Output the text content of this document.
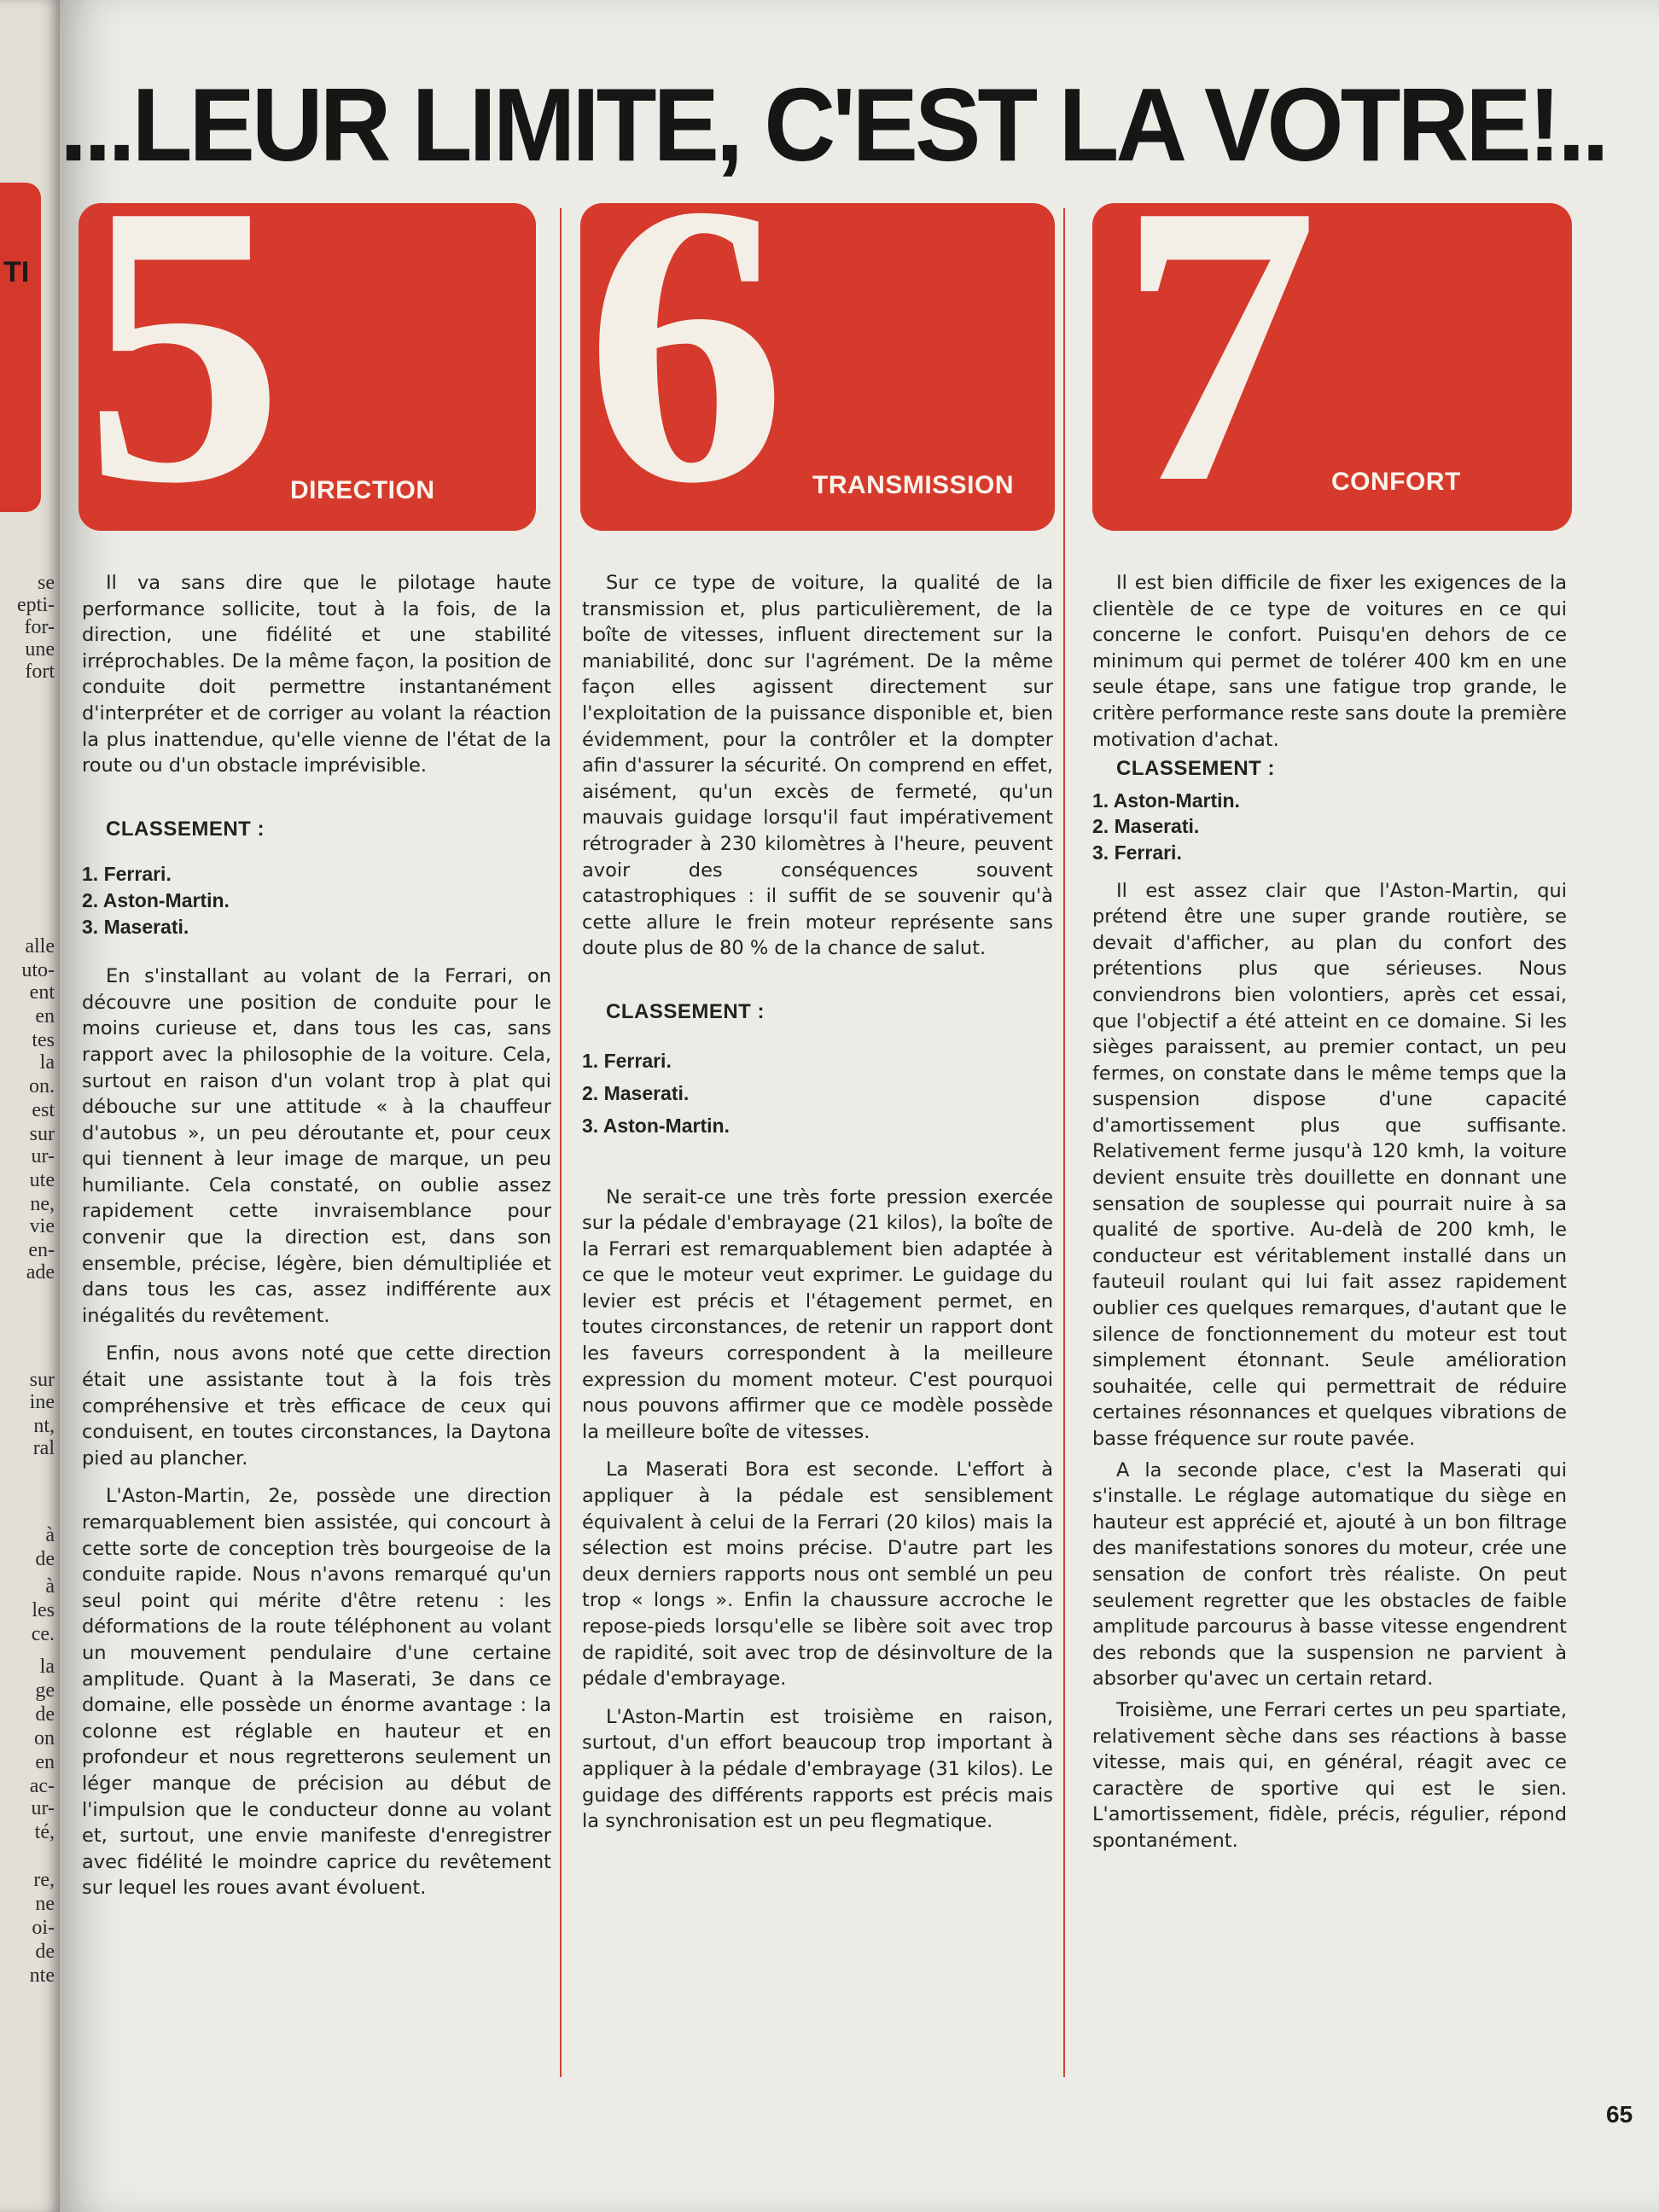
TI
se
epti-
for-
une
fort
alle
uto-
ent
en
tes
la
on.
est
sur
ur-
ute
ne,
vie
en-
ade
sur
ine
nt,
ral
à
de
à
les
ce.
la
ge
de
on
en
ac-
ur-
té,
re,
ne
oi-
de
nte
...LEUR LIMITE, C'EST LA VOTRE!..
5 DIRECTION 6 TRANSMISSION 7 CONFORT

Il va sans dire que le pilotage haute performance sollicite, tout à la fois, de la direction, une fidélité et une stabilité irréprochables. De la même façon, la position de conduite doit permettre instantanément d'interpréter et de corriger au volant la réaction la plus inattendue, qu'elle vienne de l'état de la route ou d'un obstacle imprévisible.

CLASSEMENT :

1. Ferrari.
2. Aston-Martin.
3. Maserati.

En s'installant au volant de la Ferrari, on découvre une position de conduite pour le moins curieuse et, dans tous les cas, sans rapport avec la philosophie de la voiture. Cela, surtout en raison d'un volant trop à plat qui débouche sur une attitude « à la chauffeur d'autobus », un peu déroutante et, pour ceux qui tiennent à leur image de marque, un peu humiliante. Cela constaté, on oublie assez rapidement cette invraisemblance pour convenir que la direction est, dans son ensemble, précise, légère, bien démultipliée et dans tous les cas, assez indifférente aux inégalités du revêtement.

Enfin, nous avons noté que cette direction était une assistante tout à la fois très compréhensive et très efficace de ceux qui conduisent, en toutes circonstances, la Daytona pied au plancher.

L'Aston-Martin, 2e, possède une direction remarquablement bien assistée, qui concourt à cette sorte de conception très bourgeoise de la conduite rapide. Nous n'avons remarqué qu'un seul point qui mérite d'être retenu : les déformations de la route téléphonent au volant un mouvement pendulaire d'une certaine amplitude. Quant à la Maserati, 3e dans ce domaine, elle possède un énorme avantage : la colonne est réglable en hauteur et en profondeur et nous regretterons seulement un léger manque de précision au début de l'impulsion que le conducteur donne au volant et, surtout, une envie manifeste d'enregistrer avec fidélité le moindre caprice du revêtement sur lequel les roues avant évoluent.

Sur ce type de voiture, la qualité de la transmission et, plus particulièrement, de la boîte de vitesses, influent directement sur la maniabilité, donc sur l'agrément. De la même façon elles agissent directement sur l'exploitation de la puissance disponible et, bien évidemment, pour la contrôler et la dompter afin d'assurer la sécurité. On comprend en effet, aisément, qu'un excès de fermeté, qu'un mauvais guidage lorsqu'il faut impérativement rétrograder à 230 kilomètres à l'heure, peuvent avoir des conséquences souvent catastrophiques : il suffit de se souvenir qu'à cette allure le frein moteur représente sans doute plus de 80 % de la chance de salut.

CLASSEMENT :

1. Ferrari.
2. Maserati.
3. Aston-Martin.

Ne serait-ce une très forte pression exercée sur la pédale d'embrayage (21 kilos), la boîte de la Ferrari est remarquablement bien adaptée à ce que le moteur veut exprimer. Le guidage du levier est précis et l'étagement permet, en toutes circonstances, de retenir un rapport dont les faveurs correspondent à la meilleure expression du moment moteur. C'est pourquoi nous pouvons affirmer que ce modèle possède la meilleure boîte de vitesses.

La Maserati Bora est seconde. L'effort à appliquer à la pédale est sensiblement équivalent à celui de la Ferrari (20 kilos) mais la sélection est moins précise. D'autre part les deux derniers rapports nous ont semblé un peu trop « longs ». Enfin la chaussure accroche le repose-pieds lorsqu'elle se libère soit avec trop de rapidité, soit avec trop de désinvolture de la pédale d'embrayage.

L'Aston-Martin est troisième en raison, surtout, d'un effort beaucoup trop important à appliquer à la pédale d'embrayage (31 kilos). Le guidage des différents rapports est précis mais la synchronisation est un peu flegmatique.

Il est bien difficile de fixer les exigences de la clientèle de ce type de voitures en ce qui concerne le confort. Puisqu'en dehors de ce minimum qui permet de tolérer 400 km en une seule étape, sans une fatigue trop grande, le critère performance reste sans doute la première motivation d'achat.

CLASSEMENT :

1. Aston-Martin.
2. Maserati.
3. Ferrari.

Il est assez clair que l'Aston-Martin, qui prétend être une super grande routière, se devait d'afficher, au plan du confort des prétentions plus que sérieuses. Nous conviendrons bien volontiers, après cet essai, que l'objectif a été atteint en ce domaine. Si les sièges paraissent, au premier contact, un peu fermes, on constate dans le même temps que la suspension dispose d'une capacité d'amortissement plus que suffisante. Relativement ferme jusqu'à 120 kmh, la voiture devient ensuite très douillette en donnant une sensation de souplesse qui pourrait nuire à sa qualité de sportive. Au-delà de 200 kmh, le conducteur est véritablement installé dans un fauteuil roulant qui lui fait assez rapidement oublier ces quelques remarques, d'autant que le silence de fonctionnement du moteur est tout simplement étonnant. Seule amélioration souhaitée, celle qui permettrait de réduire certaines résonnances et quelques vibrations de basse fréquence sur route pavée.

A la seconde place, c'est la Maserati qui s'installe. Le réglage automatique du siège en hauteur est apprécié et, ajouté à un bon filtrage des manifestations sonores du moteur, crée une sensation de confort très réaliste. On peut seulement regretter que les obstacles de faible amplitude parcourus à basse vitesse engendrent des rebonds que la suspension ne parvient à absorber qu'avec un certain retard.

Troisième, une Ferrari certes un peu spartiate, relativement sèche dans ses réactions à basse vitesse, mais qui, en général, réagit avec ce caractère de sportive qui est le sien. L'amortissement, fidèle, précis, régulier, répond spontanément.

65
